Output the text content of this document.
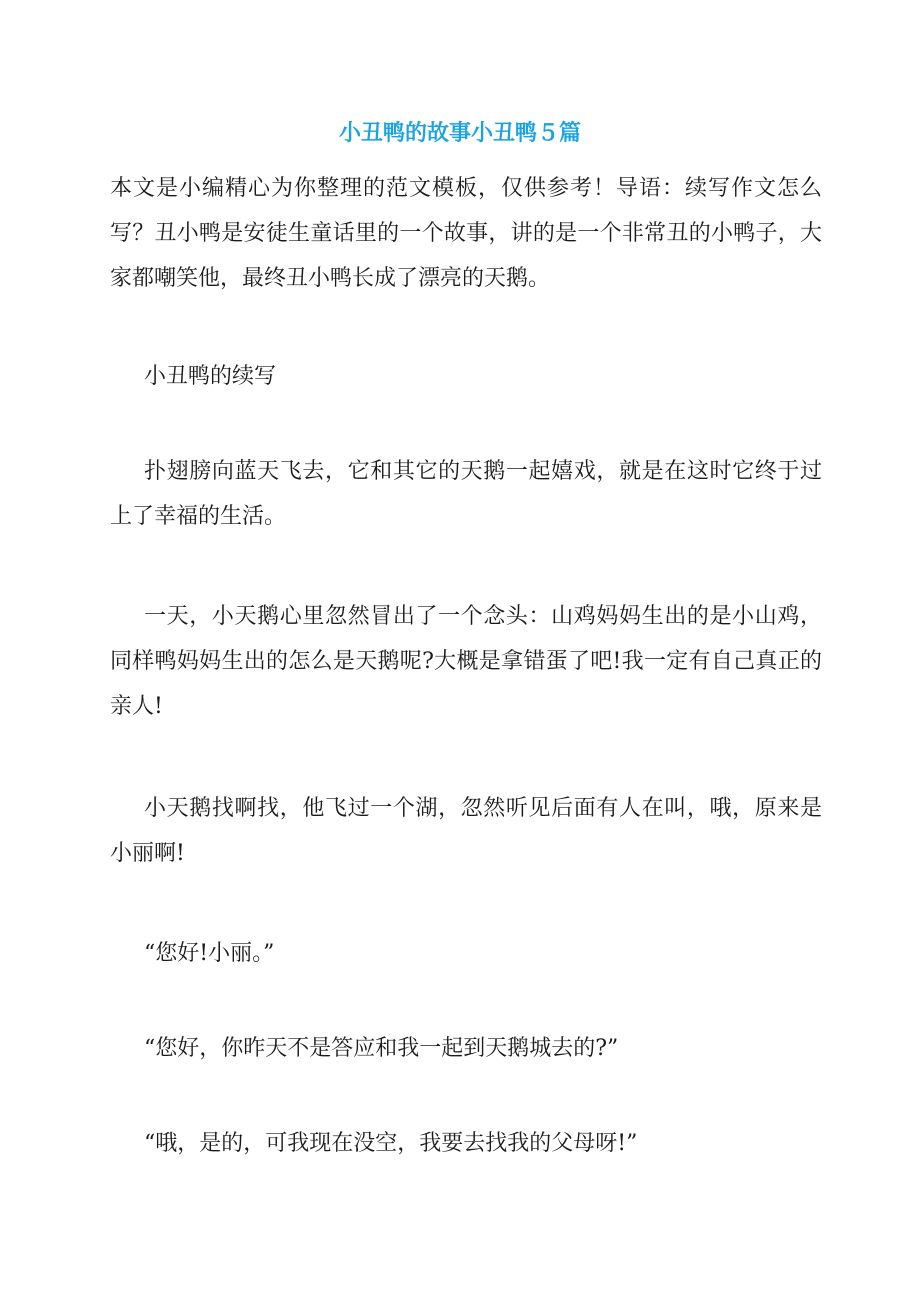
小丑鸭的故事小丑鸭５篇
本文是小编精心为你整理的范文模板，仅供参考！导语：续写作文怎么写？丑小鸭是安徒生童话里的一个故事，讲的是一个非常丑的小鸭子，大家都嘲笑他，最终丑小鸭长成了漂亮的天鹅。
小丑鸭的续写
扑翅膀向蓝天飞去，它和其它的天鹅一起嬉戏，就是在这时它终于过上了幸福的生活。
一天，小天鹅心里忽然冒出了一个念头：山鸡妈妈生出的是小山鸡，同样鸭妈妈生出的怎么是天鹅呢?大概是拿错蛋了吧!我一定有自己真正的亲人!
小天鹅找啊找，他飞过一个湖，忽然听见后面有人在叫，哦，原来是小丽啊!
“您好!小丽。”
“您好，你昨天不是答应和我一起到天鹅城去的?”
“哦，是的，可我现在没空，我要去找我的父母呀!”
